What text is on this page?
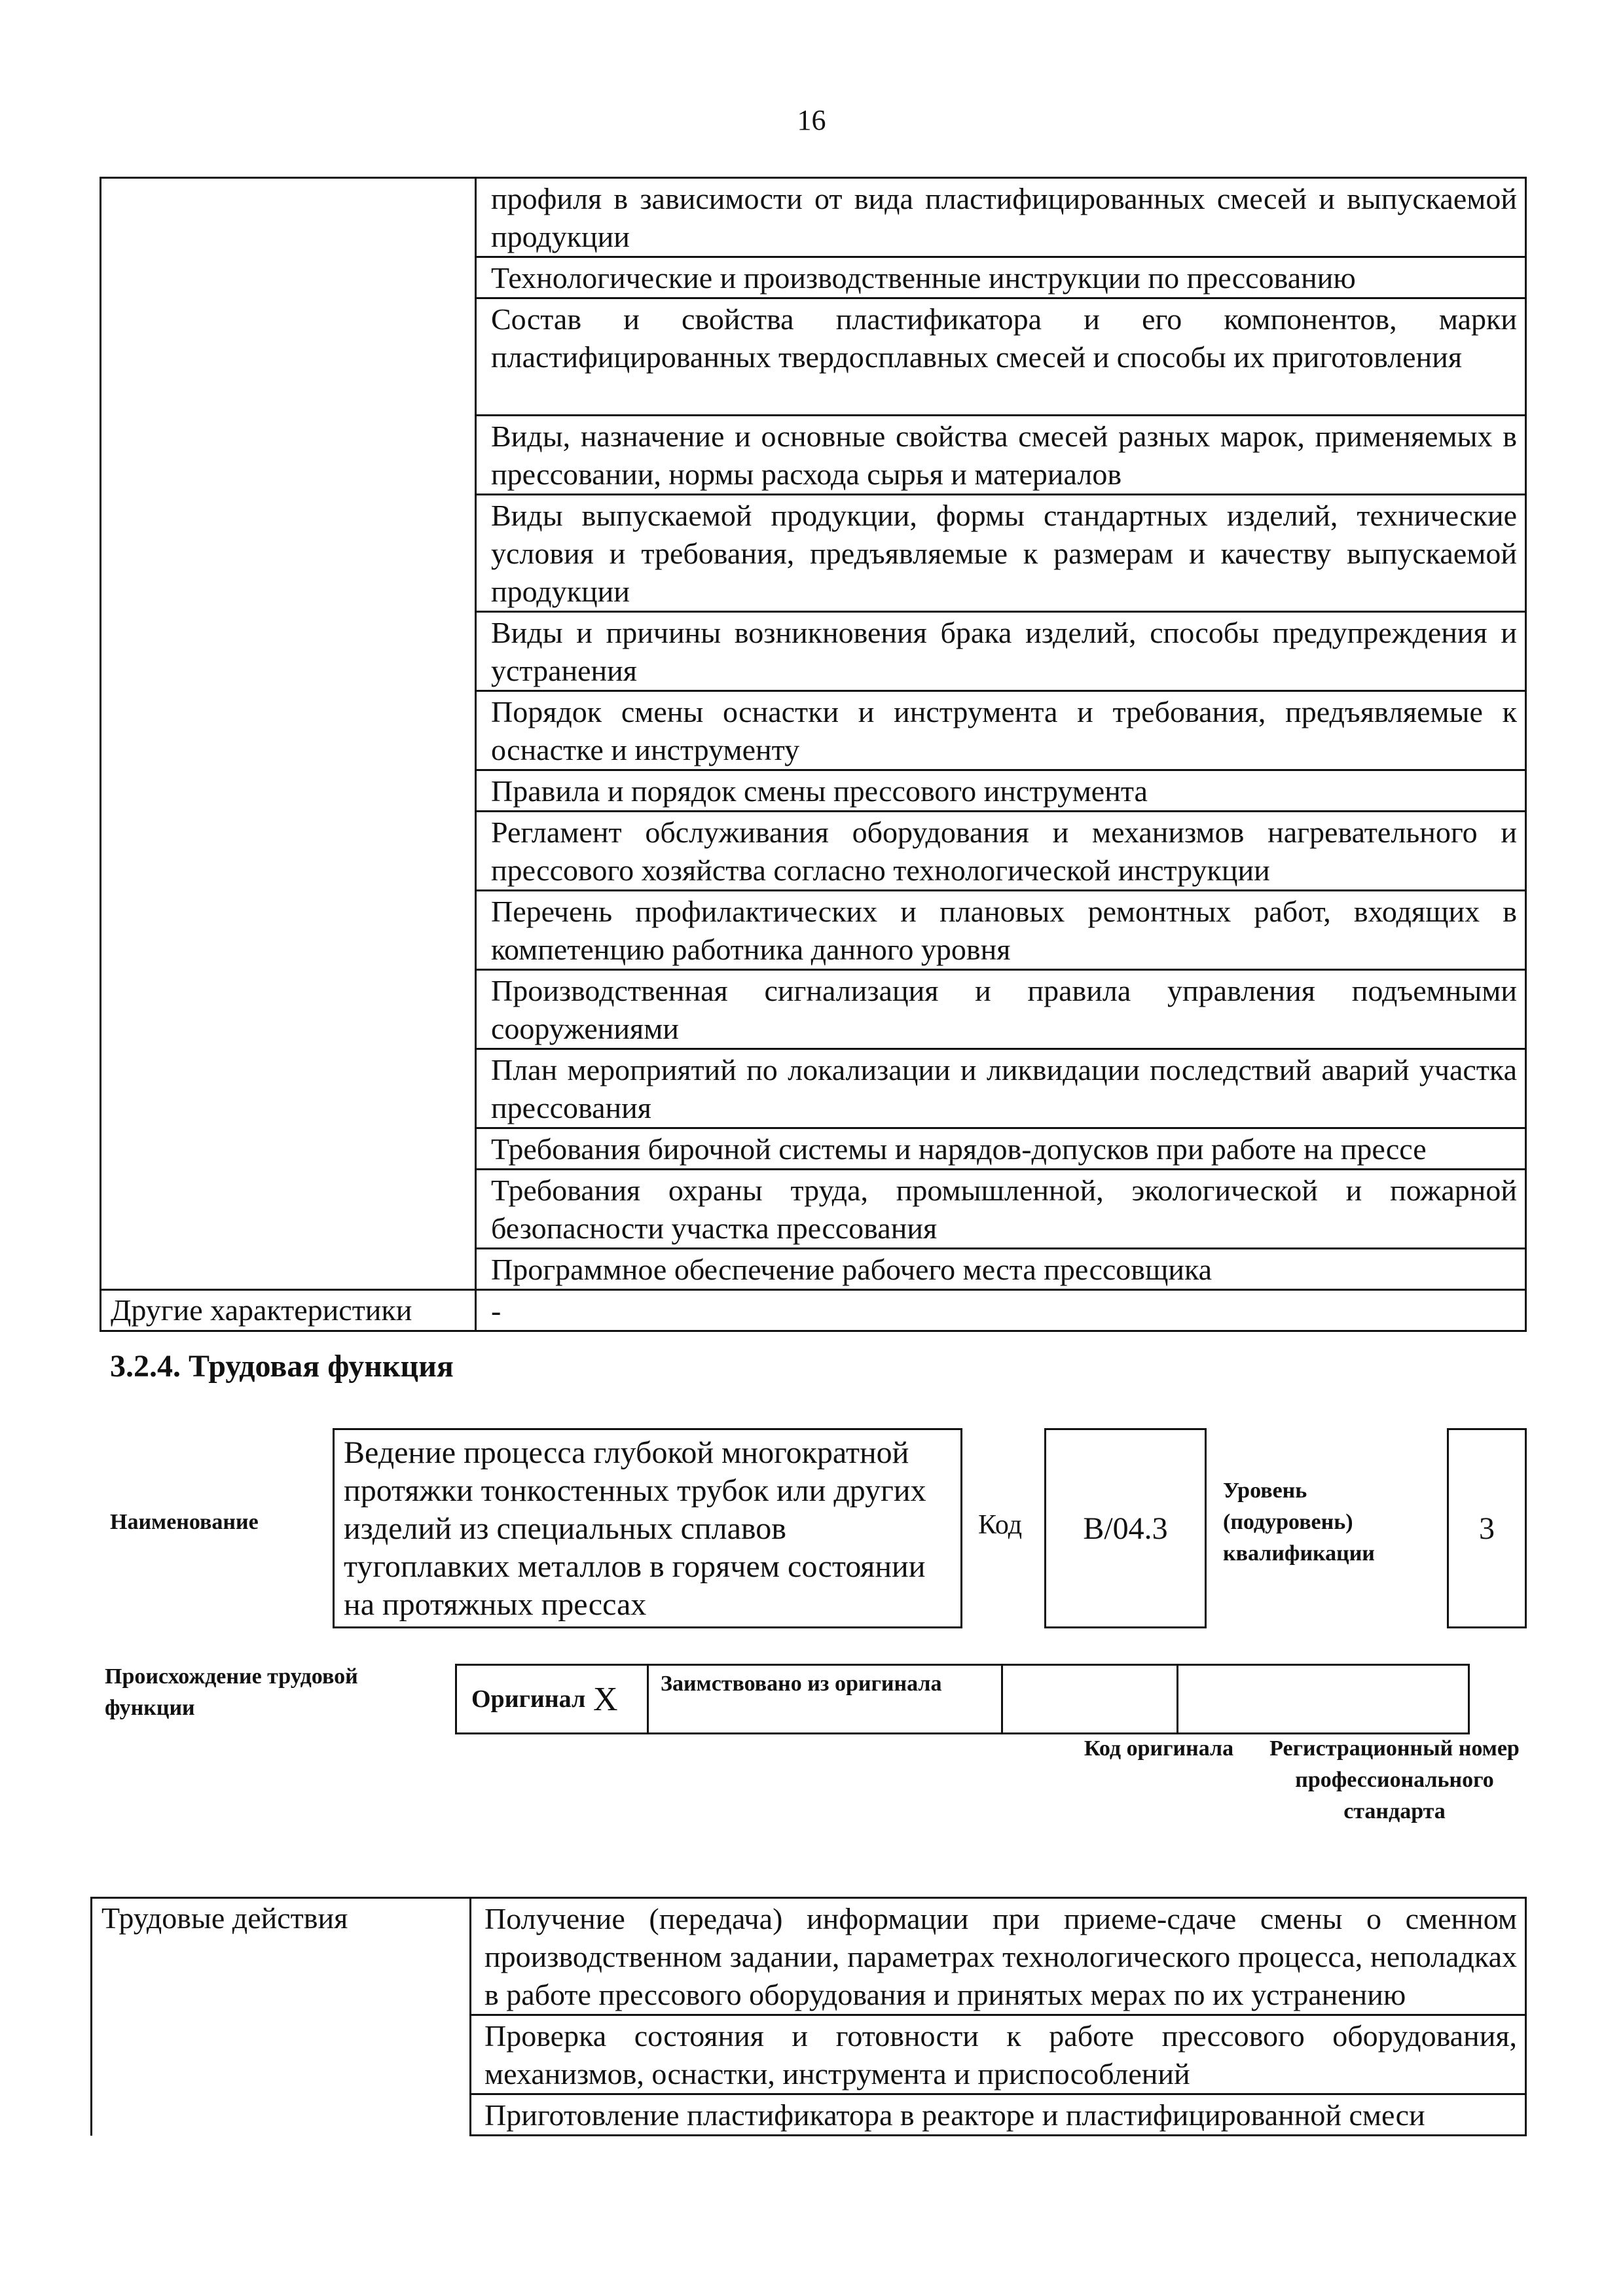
16
	профиля в зависимости от вида пластифицированных смесей и выпускаемой продукции
	Технологические и производственные инструкции по прессованию
	Состав и свойства пластификатора и его компонентов, марки пластифицированных твердосплавных смесей и способы их приготовления
	Виды, назначение и основные свойства смесей разных марок, применяемых в прессовании, нормы расхода сырья и материалов
	Виды выпускаемой продукции, формы стандартных изделий, технические условия и требования, предъявляемые к размерам и качеству выпускаемой продукции
	Виды и причины возникновения брака изделий, способы предупреждения и устранения
	Порядок смены оснастки и инструмента и требования, предъявляемые к оснастке и инструменту
	Правила и порядок смены прессового инструмента
	Регламент обслуживания оборудования и механизмов нагревательного и прессового хозяйства согласно технологической инструкции
	Перечень профилактических и плановых ремонтных работ, входящих в компетенцию работника данного уровня
	Производственная сигнализация и правила управления подъемными сооружениями
	План мероприятий по локализации и ликвидации последствий аварий участка прессования
	Требования бирочной системы и нарядов-допусков при работе на прессе
	Требования охраны труда, промышленной, экологической и пожарной безопасности участка прессования
	Программное обеспечение рабочего места прессовщика
Другие характеристики	-
3.2.4. Трудовая функция
Наименование
Ведение процесса глубокой многократной протяжки тонкостенных трубок или других изделий из специальных сплавов тугоплавких металлов в горячем состоянии на протяжных прессах
Код	B/04.3
Уровень (подуровень) квалификации
3
Происхождение трудовой функции	Оригинал	X	Заимствовано из оригинала		
Код оригинала	Регистрационный номер профессионального стандарта
Трудовые действия	Получение (передача) информации при приеме-сдаче смены о сменном производственном задании, параметрах технологического процесса, неполадках в работе прессового оборудования и принятых мерах по их устранению
Проверка состояния и готовности к работе прессового оборудования, механизмов, оснастки, инструмента и приспособлений
Приготовление пластификатора в реакторе и пластифицированной смеси
